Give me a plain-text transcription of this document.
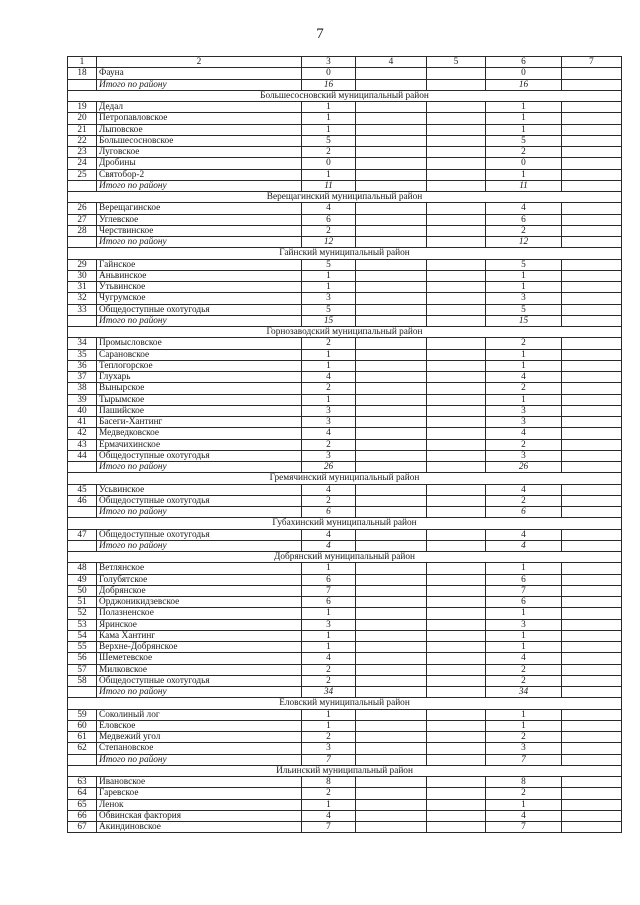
7
1	2	3	4	5	6	7
18	Фауна	0			0	
	Итого по району	16			16	
Большесосновский муниципальный район						
19	Дедал	1			1	
20	Петропавловское	1			1	
21	Лыповское	1			1	
22	Большесосновское	5			5	
23	Луговское	2			2	
24	Дробины	0			0	
25	Святобор-2	1			1	
	Итого по району	11			11	
Верещагинский муниципальный район						
26	Верещагинское	4			4	
27	Углевское	6			6	
28	Черствинское	2			2	
	Итого по району	12			12	
Гайнский муниципальный район						
29	Гайнское	5			5	
30	Аньвинское	1			1	
31	Утьвинское	1			1	
32	Чугрумское	3			3	
33	Общедоступные охотугодья	5			5	
	Итого по району	15			15	
Горнозаводский муниципальный район						
34	Промысловское	2			2	
35	Сарановское	1			1	
36	Теплогорское	1			1	
37	Глухарь	4			4	
38	Вынырское	2			2	
39	Тырымское	1			1	
40	Пашийское	3			3	
41	Басеги-Хантинг	3			3	
42	Медведковское	4			4	
43	Ермачихинское	2			2	
44	Общедоступные охотугодья	3			3	
	Итого по району	26			26	
Гремячинский муниципальный район						
45	Усьвинское	4			4	
46	Общедоступные охотугодья	2			2	
	Итого по району	6			6	
Губахинский муниципальный район						
47	Общедоступные охотугодья	4			4	
	Итого по району	4			4	
Добрянский муниципальный район						
48	Ветлянское	1			1	
49	Голубятское	6			6	
50	Добрянское	7			7	
51	Орджоникидзевское	6			6	
52	Полазненское	1			1	
53	Яринское	3			3	
54	Кама Хантинг	1			1	
55	Верхне-Добрянское	1			1	
56	Шеметевское	4			4	
57	Милковское	2			2	
58	Общедоступные охотугодья	2			2	
	Итого по району	34			34	
Еловский муниципальный район						
59	Соколиный лог	1			1	
60	Еловское	1			1	
61	Медвежий угол	2			2	
62	Степановское	3			3	
	Итого по району	7			7	
Ильинский муниципальный район						
63	Ивановское	8			8	
64	Гаревское	2			2	
65	Ленок	1			1	
66	Обвинская фактория	4			4	
67	Акиндиновское	7			7	
